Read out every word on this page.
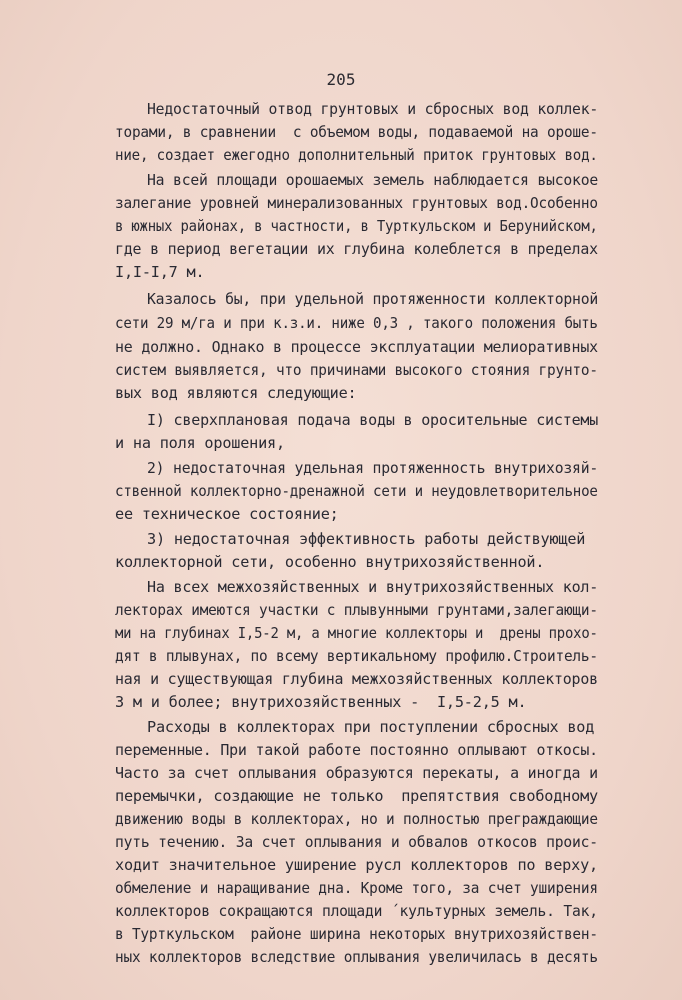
205
Недостаточный отвод грунтовых и сбросных вод коллек-
торами, в сравнении  с объемом воды, подаваемой на ороше-
ние, создает ежегодно дополнительный приток грунтовых вод.
На всей площади орошаемых земель наблюдается высокое
залегание уровней минерализованных грунтовых вод.Особенно
в южных районах, в частности, в Турткульском и Берунийском,
где в период вегетации их глубина колеблется в пределах
I,I-I,7 м.
Казалось бы, при удельной протяженности коллекторной
сети 29 м/га и при к.з.и. ниже 0,3 , такого положения быть
не должно. Однако в процессе эксплуатации мелиоративных
систем выявляется, что причинами высокого стояния грунто-
вых вод являются следующие:
I) сверхплановая подача воды в оросительные системы
и на поля орошения,
2) недостаточная удельная протяженность внутрихозяй-
ственной коллекторно-дренажной сети и неудовлетворительное
ее техническое состояние;
3) недостаточная эффективность работы действующей
коллекторной сети, особенно внутрихозяйственной.
На всех межхозяйственных и внутрихозяйственных кол-
лекторах имеются участки с плывунными грунтами,залегающи-
ми на глубинах I,5-2 м, а многие коллекторы и  дрены прохо-
дят в плывунах, по всему вертикальному профилю.Строитель-
ная и существующая глубина межхозяйственных коллекторов
3 м и более; внутрихозяйственных -  I,5-2,5 м.
Расходы в коллекторах при поступлении сбросных вод
переменные. При такой работе постоянно оплывают откосы.
Часто за счет оплывания образуются перекаты, а иногда и
перемычки, создающие не только  препятствия свободному
движению воды в коллекторах, но и полностью преграждающие
путь течению. За счет оплывания и обвалов откосов проис-
ходит значительное уширение русл коллекторов по верху,
обмеление и наращивание дна. Кроме того, за счет уширения
коллекторов сокращаются площади ´культурных земель. Так,
в Турткульском  районе ширина некоторых внутрихозяйствен-
ных коллекторов вследствие оплывания увеличилась в десять
